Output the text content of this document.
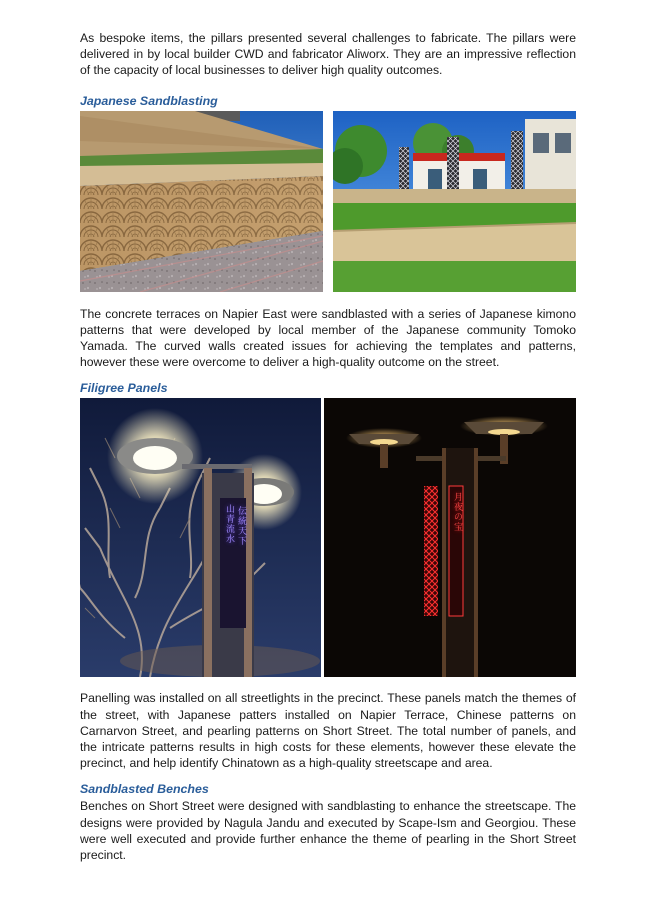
As bespoke items, the pillars presented several challenges to fabricate. The pillars were delivered in by local builder CWD and fabricator Aliworx. They are an impressive reflection of the capacity of local businesses to deliver high quality outcomes.

Japanese Sandblasting

The concrete terraces on Napier East were sandblasted with a series of Japanese kimono patterns that were developed by local member of the Japanese community Tomoko Yamada. The curved walls created issues for achieving the templates and patterns, however these were overcome to deliver a high-quality outcome on the street.

Filigree Panels
山青流水 伝統天下	月夜の宝

Panelling was installed on all streetlights in the precinct. These panels match the themes of the street, with Japanese patters installed on Napier Terrace, Chinese patterns on Carnarvon Street, and pearling patterns on Short Street. The total number of panels, and the intricate patterns results in high costs for these elements, however these elevate the precinct, and help identify Chinatown as a high-quality streetscape and area.

Sandblasted Benches

Benches on Short Street were designed with sandblasting to enhance the streetscape. The designs were provided by Nagula Jandu and executed by Scape-Ism and Georgiou. These were well executed and provide further enhance the theme of pearling in the Short Street precinct.
